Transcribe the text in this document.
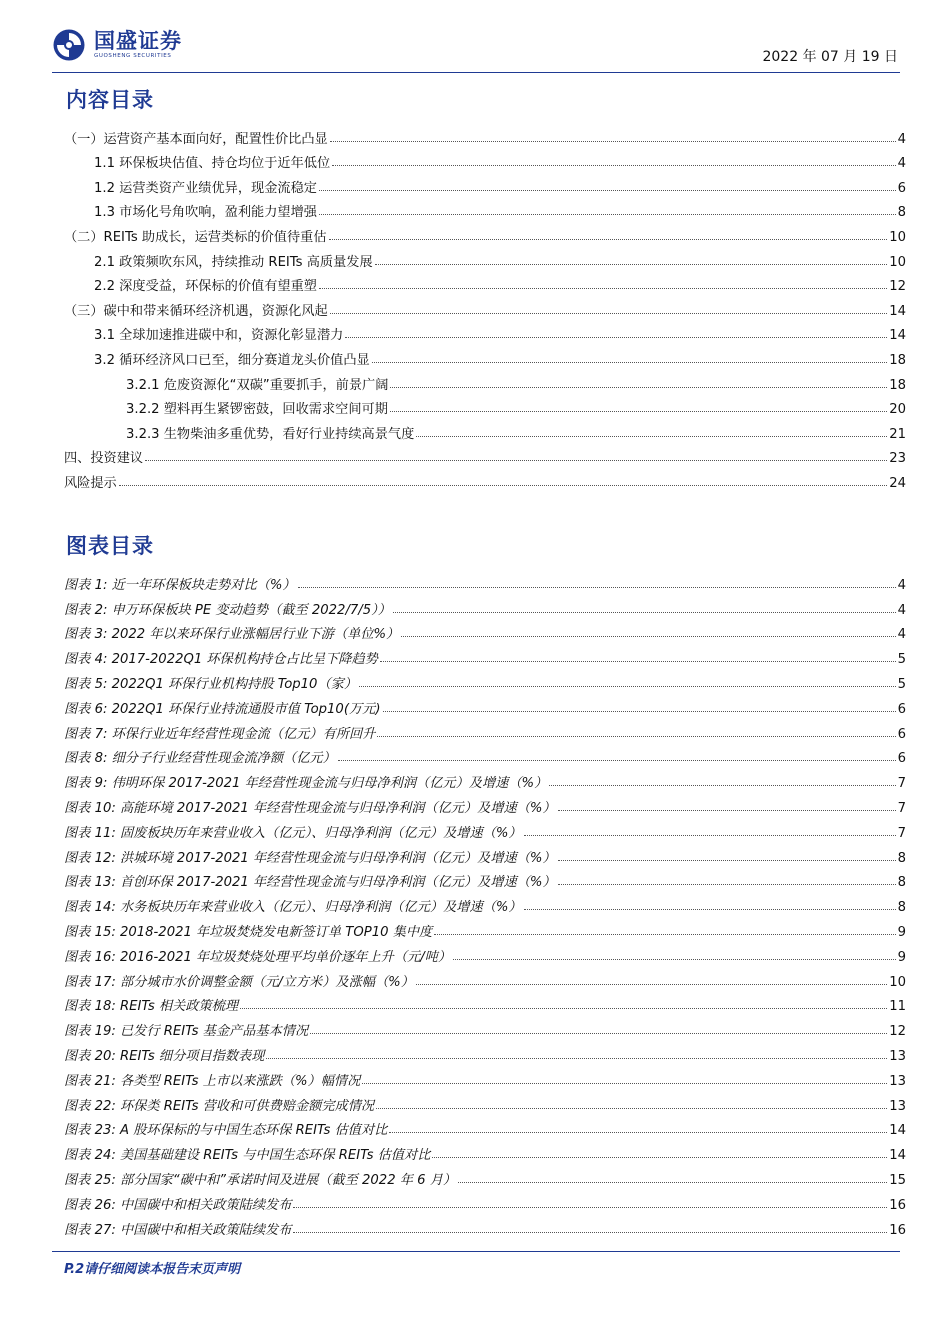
国盛证券
GUOSHENG SECURITIES	2022 年 07 月 19 日
内容目录
（一）运营资产基本面向好，配置性价比凸显	4
1.1 环保板块估值、持仓均位于近年低位	4
1.2 运营类资产业绩优异，现金流稳定	6
1.3 市场化号角吹响，盈利能力望增强	8
（二）REITs 助成长，运营类标的价值待重估	10
2.1 政策频吹东风，持续推动 REITs 高质量发展	10
2.2 深度受益，环保标的价值有望重塑	12
（三）碳中和带来循环经济机遇，资源化风起	14
3.1 全球加速推进碳中和，资源化彰显潜力	14
3.2 循环经济风口已至，细分赛道龙头价值凸显	18
3.2.1 危废资源化“双碳”重要抓手，前景广阔	18
3.2.2 塑料再生紧锣密鼓，回收需求空间可期	20
3.2.3 生物柴油多重优势，看好行业持续高景气度	21
四、投资建议	23
风险提示	24
图表目录
图表 1: 近一年环保板块走势对比（%）	4
图表 2: 申万环保板块 PE 变动趋势（截至 2022/7/5））	4
图表 3: 2022 年以来环保行业涨幅居行业下游（单位%）	4
图表 4: 2017-2022Q1 环保机构持仓占比呈下降趋势	5
图表 5: 2022Q1 环保行业机构持股 Top10（家）	5
图表 6: 2022Q1 环保行业持流通股市值 Top10(万元)	6
图表 7: 环保行业近年经营性现金流（亿元）有所回升	6
图表 8: 细分子行业经营性现金流净额（亿元）	6
图表 9: 伟明环保 2017-2021 年经营性现金流与归母净利润（亿元）及增速（%）	7
图表 10: 高能环境 2017-2021 年经营性现金流与归母净利润（亿元）及增速（%）	7
图表 11: 固废板块历年来营业收入（亿元）、归母净利润（亿元）及增速（%）	7
图表 12: 洪城环境 2017-2021 年经营性现金流与归母净利润（亿元）及增速（%）	8
图表 13: 首创环保 2017-2021 年经营性现金流与归母净利润（亿元）及增速（%）	8
图表 14: 水务板块历年来营业收入（亿元）、归母净利润（亿元）及增速（%）	8
图表 15: 2018-2021 年垃圾焚烧发电新签订单 TOP10 集中度	9
图表 16: 2016-2021 年垃圾焚烧处理平均单价逐年上升（元/吨）	9
图表 17: 部分城市水价调整金额（元/立方米）及涨幅（%）	10
图表 18: REITs 相关政策梳理	11
图表 19: 已发行 REITs 基金产品基本情况	12
图表 20: REITs 细分项目指数表现	13
图表 21: 各类型 REITs 上市以来涨跌（%）幅情况	13
图表 22: 环保类 REITs 营收和可供费赔金额完成情况	13
图表 23: A 股环保标的与中国生态环保 REITs 估值对比	14
图表 24: 美国基础建设 REITs 与中国生态环保 REITs 估值对比	14
图表 25: 部分国家“碳中和”承诺时间及进展（截至 2022 年 6 月）	15
图表 26: 中国碳中和相关政策陆续发布	16
图表 27: 中国碳中和相关政策陆续发布	16
P.2请仔细阅读本报告末页声明
